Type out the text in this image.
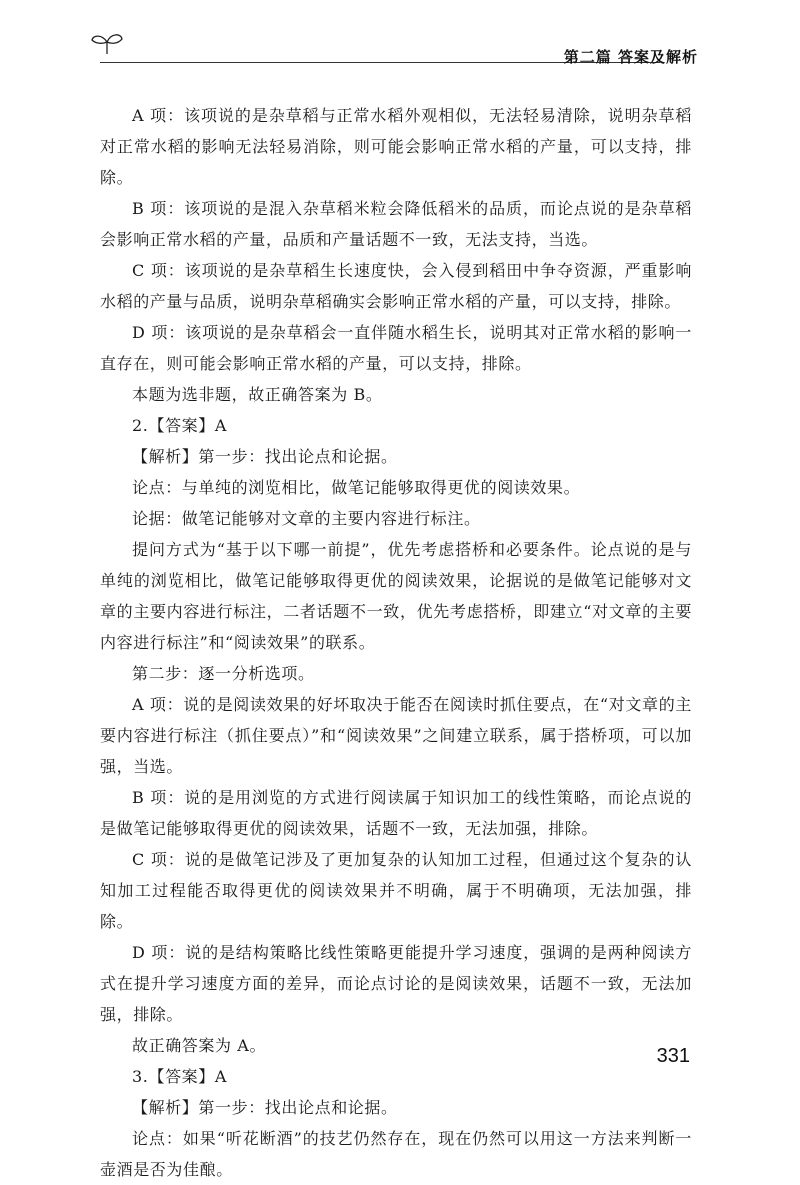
第二篇 答案及解析

A 项：该项说的是杂草稻与正常水稻外观相似，无法轻易清除，说明杂草稻对正常水稻的影响无法轻易消除，则可能会影响正常水稻的产量，可以支持，排除。

B 项：该项说的是混入杂草稻米粒会降低稻米的品质，而论点说的是杂草稻会影响正常水稻的产量，品质和产量话题不一致，无法支持，当选。

C 项：该项说的是杂草稻生长速度快，会入侵到稻田中争夺资源，严重影响水稻的产量与品质，说明杂草稻确实会影响正常水稻的产量，可以支持，排除。

D 项：该项说的是杂草稻会一直伴随水稻生长，说明其对正常水稻的影响一直存在，则可能会影响正常水稻的产量，可以支持，排除。

本题为选非题，故正确答案为 B。

2.【答案】A

【解析】第一步：找出论点和论据。

论点：与单纯的浏览相比，做笔记能够取得更优的阅读效果。

论据：做笔记能够对文章的主要内容进行标注。

提问方式为“基于以下哪一前提”，优先考虑搭桥和必要条件。论点说的是与单纯的浏览相比，做笔记能够取得更优的阅读效果，论据说的是做笔记能够对文章的主要内容进行标注，二者话题不一致，优先考虑搭桥，即建立“对文章的主要内容进行标注”和“阅读效果”的联系。

第二步：逐一分析选项。

A 项：说的是阅读效果的好坏取决于能否在阅读时抓住要点，在“对文章的主要内容进行标注（抓住要点）”和“阅读效果”之间建立联系，属于搭桥项，可以加强，当选。

B 项：说的是用浏览的方式进行阅读属于知识加工的线性策略，而论点说的是做笔记能够取得更优的阅读效果，话题不一致，无法加强，排除。

C 项：说的是做笔记涉及了更加复杂的认知加工过程，但通过这个复杂的认知加工过程能否取得更优的阅读效果并不明确，属于不明确项，无法加强，排除。

D 项：说的是结构策略比线性策略更能提升学习速度，强调的是两种阅读方式在提升学习速度方面的差异，而论点讨论的是阅读效果，话题不一致，无法加强，排除。

故正确答案为 A。

3.【答案】A

【解析】第一步：找出论点和论据。

论点：如果“听花断酒”的技艺仍然存在，现在仍然可以用这一方法来判断一壶酒是否为佳酿。

331
